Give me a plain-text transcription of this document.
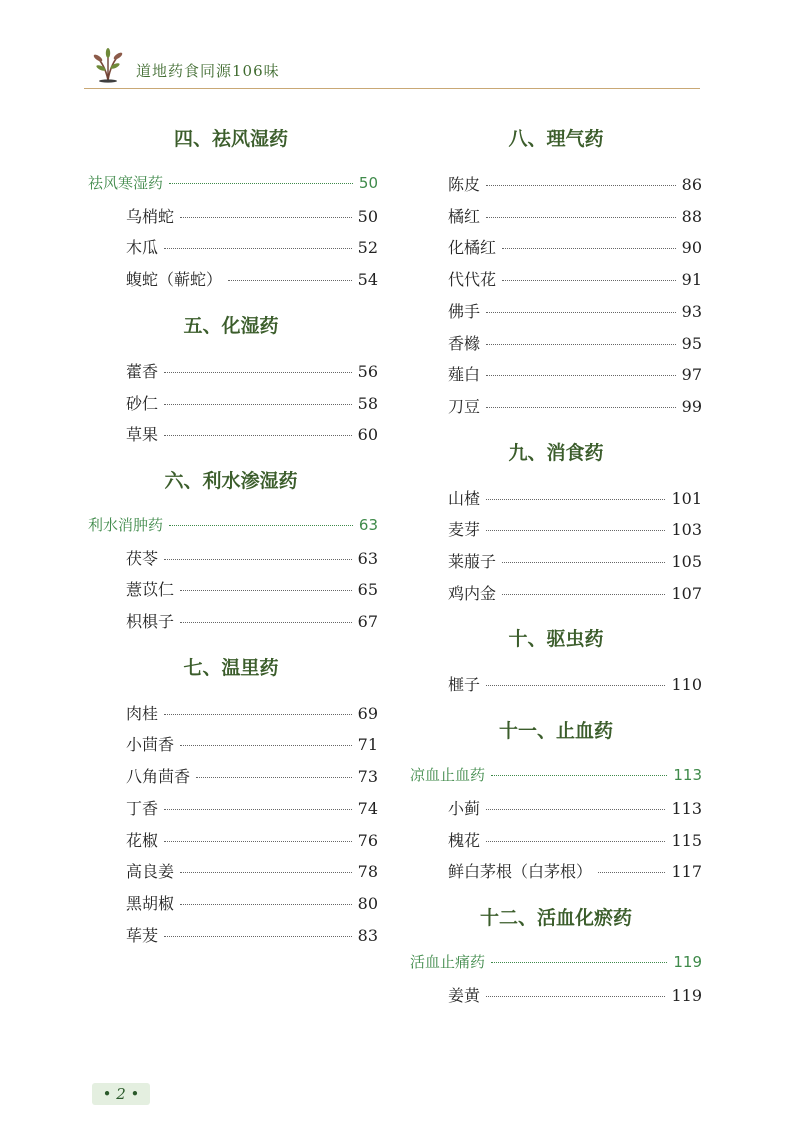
道地药食同源106味
四、祛风湿药
祛风寒湿药	50
乌梢蛇	50
木瓜	52
蝮蛇（蕲蛇）	54
五、化湿药
藿香	56
砂仁	58
草果	60
六、利水渗湿药
利水消肿药	63
茯苓	63
薏苡仁	65
枳椇子	67
七、温里药
肉桂	69
小茴香	71
八角茴香	73
丁香	74
花椒	76
高良姜	78
黑胡椒	80
荜茇	83
八、理气药
陈皮	86
橘红	88
化橘红	90
代代花	91
佛手	93
香橼	95
薤白	97
刀豆	99
九、消食药
山楂	101
麦芽	103
莱菔子	105
鸡内金	107
十、驱虫药
榧子	110
十一、止血药
凉血止血药	113
小蓟	113
槐花	115
鲜白茅根（白茅根）	117
十二、活血化瘀药
活血止痛药	119
姜黄	119
• 2 •
